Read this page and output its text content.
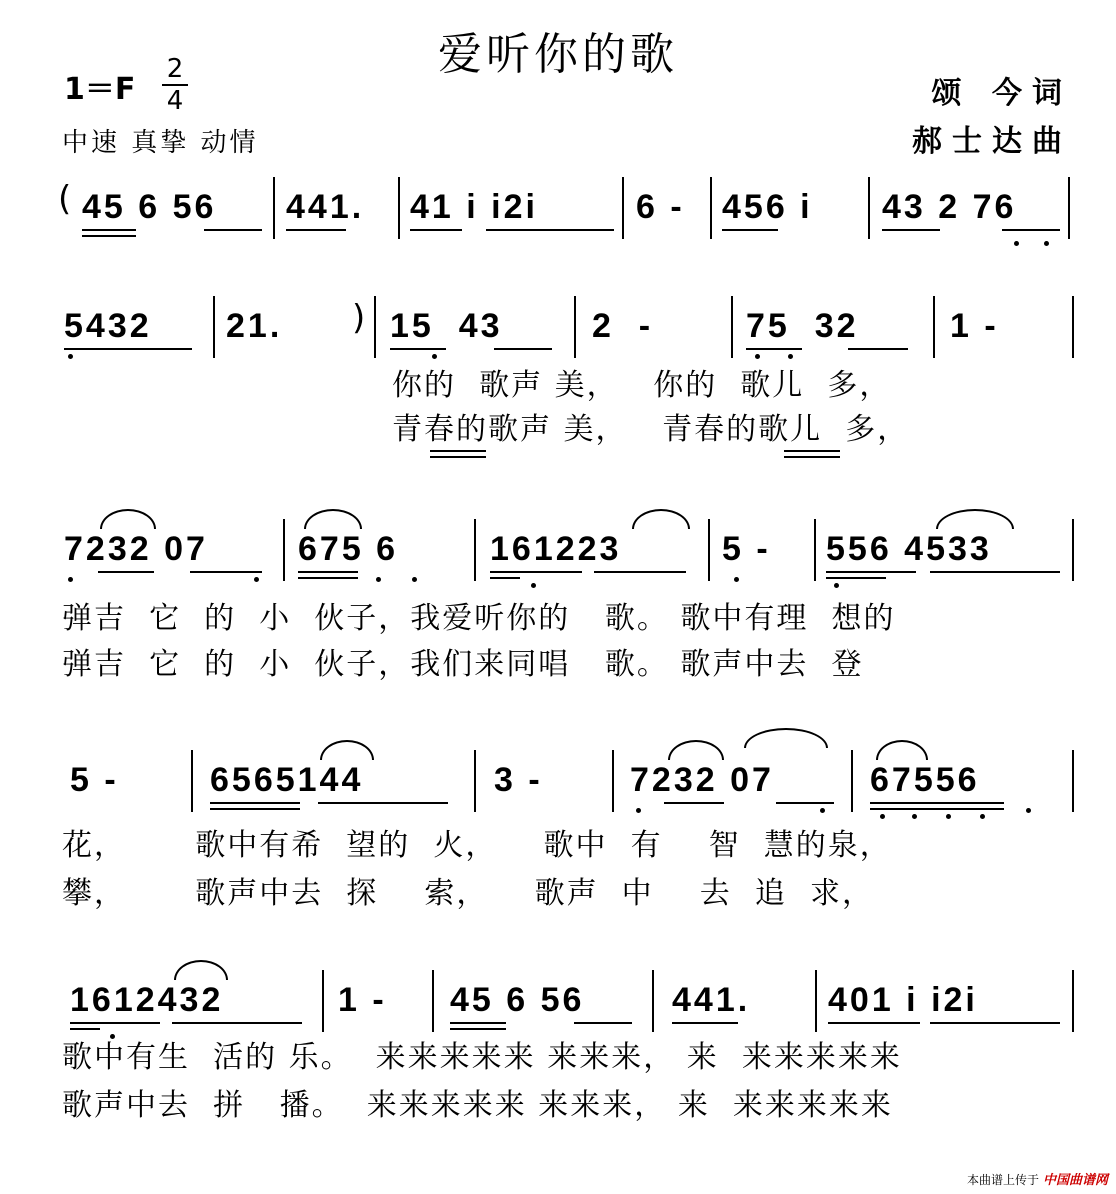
爱听你的歌
1＝F
2
4
中速 真挚 动情
颂 今词
郝士达曲
( 45 6 56 441. 41 i i2i	6 - 456 i 43 2 76
5432 21. ) 15  43	2  -	75  32	1 -
你的  歌声 美，   你的  歌儿  多，
青春的歌声 美，   青春的歌儿  多，
7232 07	675 6	161223	5 - 556 4533
弹吉  它  的  小  伙子，我爱听你的   歌。 歌中有理  想的
弹吉  它  的  小  伙子，我们来同唱   歌。 歌声中去  登
5 -	6565144	3 -	7232 07	67556
花，      歌中有希  望的  火，    歌中  有    智  慧的泉，
攀，      歌声中去  探    索，    歌声  中    去  追  求，
1612432	1 - 45 6 56	441. 401 i i2i
歌中有生  活的 乐。  来来来来来 来来来， 来  来来来来来
歌声中去  拼   播。  来来来来来 来来来， 来  来来来来来
本曲谱上传于 中国曲谱网
